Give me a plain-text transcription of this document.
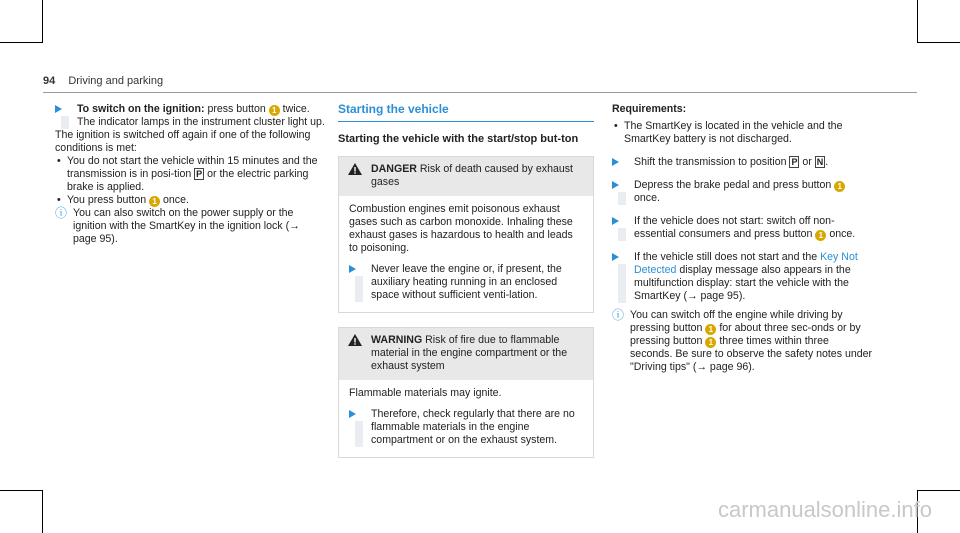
94 Driving and parking
To switch on the ignition: press button 1 twice.
The indicator lamps in the instrument cluster light up.
The ignition is switched off again if one of the following conditions is met:
• You do not start the vehicle within 15 minutes and the transmission is in posi-tion P or the electric parking brake is applied.
• You press button 1 once.
ⓘ You can also switch on the power supply or the ignition with the SmartKey in the ignition lock (→ page 95).
Starting the vehicle
Starting the vehicle with the start/stop but-ton
DANGER Risk of death caused by exhaust gases
Combustion engines emit poisonous exhaust gases such as carbon monoxide. Inhaling these exhaust gases is hazardous to health and leads to poisoning.
Never leave the engine or, if present, the auxiliary heating running in an enclosed space without sufficient venti-lation.
WARNING Risk of fire due to flammable material in the engine compartment or the exhaust system
Flammable materials may ignite.
Therefore, check regularly that there are no flammable materials in the engine compartment or on the exhaust system.
Requirements:
• The SmartKey is located in the vehicle and the SmartKey battery is not discharged.
Shift the transmission to position P or N .
Depress the brake pedal and press button 1 once.
If the vehicle does not start: switch off non-essential consumers and press button 1 once.
If the vehicle still does not start and the Key Not Detected display message also appears in the multifunction display: start the vehicle with the SmartKey (→ page 95).
ⓘ You can switch off the engine while driving by pressing button 1 for about three sec-onds or by pressing button 1 three times within three seconds. Be sure to observe the safety notes under "Driving tips" (→ page 96).
carmanualsonline.info
